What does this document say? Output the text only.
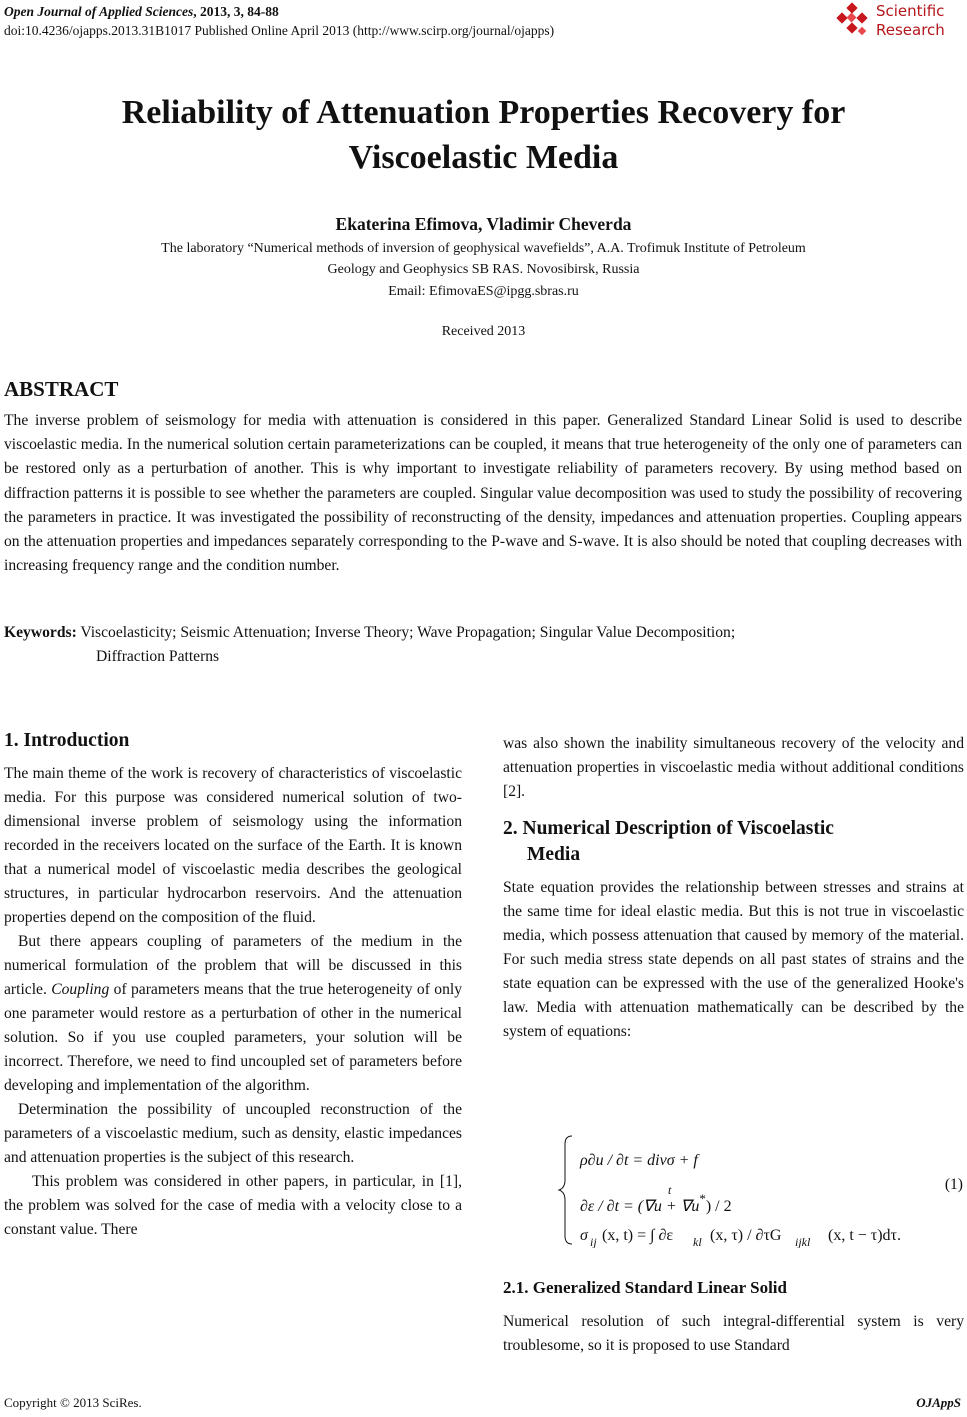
Open Journal of Applied Sciences, 2013, 3, 84-88
doi:10.4236/ojapps.2013.31B1017 Published Online April 2013 (http://www.scirp.org/journal/ojapps)
Scientific
Research
Reliability of Attenuation Properties Recovery for
Viscoelastic Media
Ekaterina Efimova, Vladimir Cheverda
The laboratory “Numerical methods of inversion of geophysical wavefields”, A.A. Trofimuk Institute of Petroleum
Geology and Geophysics SB RAS. Novosibirsk, Russia
Email: EfimovaES@ipgg.sbras.ru
Received 2013
ABSTRACT

The inverse problem of seismology for media with attenuation is considered in this paper. Generalized Standard Linear Solid is used to describe viscoelastic media. In the numerical solution certain parameterizations can be coupled, it means that true heterogeneity of the only one of parameters can be restored only as a perturbation of another. This is why important to investigate reliability of parameters recovery. By using method based on diffraction patterns it is possible to see whether the parameters are coupled. Singular value decomposition was used to study the possibility of recovering the parameters in practice. It was investigated the possibility of reconstructing of the density, impedances and attenuation properties. Coupling appears on the attenuation properties and impedances separately corresponding to the P-wave and S-wave. It is also should be noted that coupling decreases with increasing frequency range and the condition number.

Keywords: Viscoelasticity; Seismic Attenuation; Inverse Theory; Wave Propagation; Singular Value Decomposition;
Diffraction Patterns
1. Introduction

The main theme of the work is recovery of characteristics of viscoelastic media. For this purpose was considered numerical solution of two-dimensional inverse problem of seismology using the information recorded in the receivers located on the surface of the Earth. It is known that a numerical model of viscoelastic media describes the geological structures, in particular hydrocarbon reservoirs. And the attenuation properties depend on the composition of the fluid.

But there appears coupling of parameters of the medium in the numerical formulation of the problem that will be discussed in this article. Coupling of parameters means that the true heterogeneity of only one parameter would restore as a perturbation of other in the numerical solution. So if you use coupled parameters, your solution will be incorrect. Therefore, we need to find uncoupled set of parameters before developing and implementation of the algorithm.

Determination the possibility of uncoupled reconstruction of the parameters of a viscoelastic medium, such as density, elastic impedances and attenuation properties is the subject of this research.

This problem was considered in other papers, in particular, in [1], the problem was solved for the case of media with a velocity close to a constant value. There

was also shown the inability simultaneous recovery of the velocity and attenuation properties in viscoelastic media without additional conditions [2].

2. Numerical Description of Viscoelastic
Media

State equation provides the relationship between stresses and strains at the same time for ideal elastic media. But this is not true in viscoelastic media, which possess attenuation that caused by memory of the material. For such media stress state depends on all past states of strains and the state equation can be expressed with the use of the generalized Hooke's law. Media with attenuation mathematically can be described by the system of equations:

ρ∂u / ∂t = divσ + f
∂ε / ∂t = (∇u + ∇u*) / 2
t
σ ij (x, t) = ∫ ∂ε kl (x, τ) / ∂τG ijkl (x, t − τ)dτ.
(1)
2.1. Generalized Standard Linear Solid

Numerical resolution of such integral-differential system is very troublesome, so it is proposed to use Standard

Copyright © 2013 SciRes.	OJAppS
